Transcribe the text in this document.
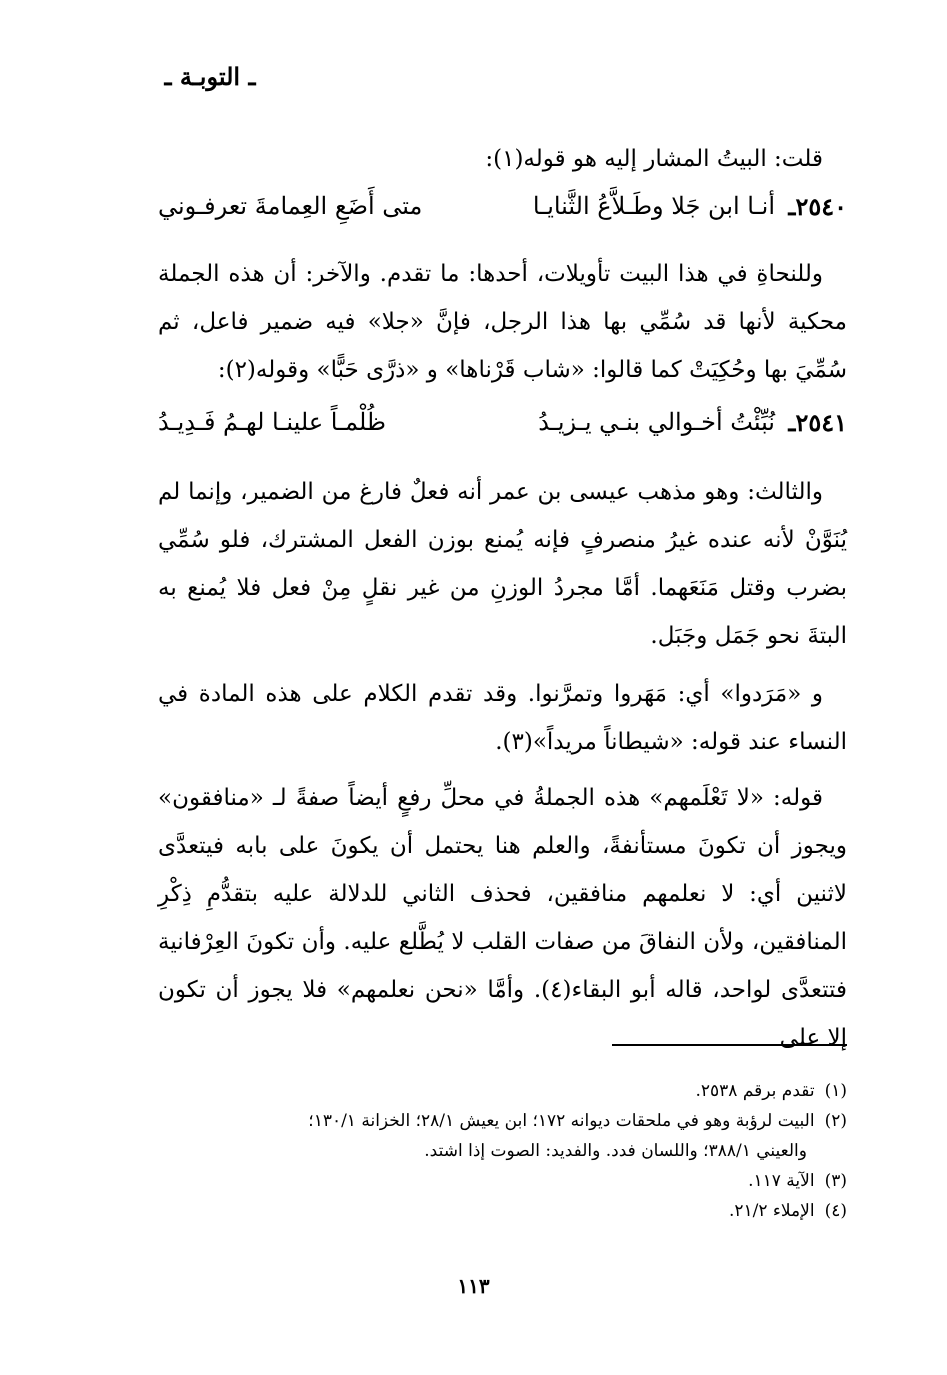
ـ التوبـة ـ

قلت: البيتُ المشار إليه هو قوله(١):

٢٥٤٠ـ
أنـا ابن جَلا وطَـلاَّعُ الثَّنايـا
متى أَضَعِ العِمامةَ تعرفـوني

وللنحاةِ في هذا البيت تأويلات، أحدها: ما تقدم. والآخر: أن هذه الجملة محكية لأنها قد سُمِّي بها هذا الرجل، فإنَّ «جلا» فيه ضمير فاعل، ثم سُمِّيَ بها وحُكِيَتْ كما قالوا: «شاب قَرْناها» و «ذرَّى حَبًّا» وقوله(٢):

٢٥٤١ـ
نُبِّئْتُ أخـوالي بنـي يـزيـدُ
ظُلْمـاً علينـا لهـمُ فَـدِيـدُ

والثالث: وهو مذهب عيسى بن عمر أنه فعلٌ فارغ من الضمير، وإنما لم يُنَوَّنْ لأنه عنده غيرُ منصرفٍ فإنه يُمنع بوزن الفعل المشترك، فلو سُمِّي بضرب وقتل مَنَعَهما. أمَّا مجردُ الوزنِ من غير نقلٍ مِنْ فعل فلا يُمنع به البتةَ نحو جَمَل وجَبَل.

و «مَرَدوا» أي: مَهَروا وتمرَّنوا. وقد تقدم الكلام على هذه المادة في النساء عند قوله: «شيطاناً مريداً»(٣).

قوله: «لا تَعْلَمهم» هذه الجملةُ في محلِّ رفعٍ أيضاً صفةً لـ «منافقون» ويجوز أن تكونَ مستأنفةً، والعلم هنا يحتمل أن يكونَ على بابه فيتعدَّى لاثنين أي: لا نعلمهم منافقين، فحذف الثاني للدلالة عليه بتقدُّمِ ذِكْرِ المنافقين، ولأن النفاقَ من صفات القلب لا يُطَّلع عليه. وأن تكونَ العِرْفانية فتتعدَّى لواحد، قاله أبو البقاء(٤). وأمَّا «نحن نعلمهم» فلا يجوز أن تكون إلا على

(١)تقدم برقم ٢٥٣٨.

(٢)البيت لرؤبة وهو في ملحقات ديوانه ١٧٢؛ ابن يعيش ٢٨/١؛ الخزانة ١٣٠/١؛

والعيني ٣٨٨/١؛ واللسان فدد. والفديد: الصوت إذا اشتد.

(٣)الآية ١١٧.

(٤)الإملاء ٢١/٢.

١١٣
